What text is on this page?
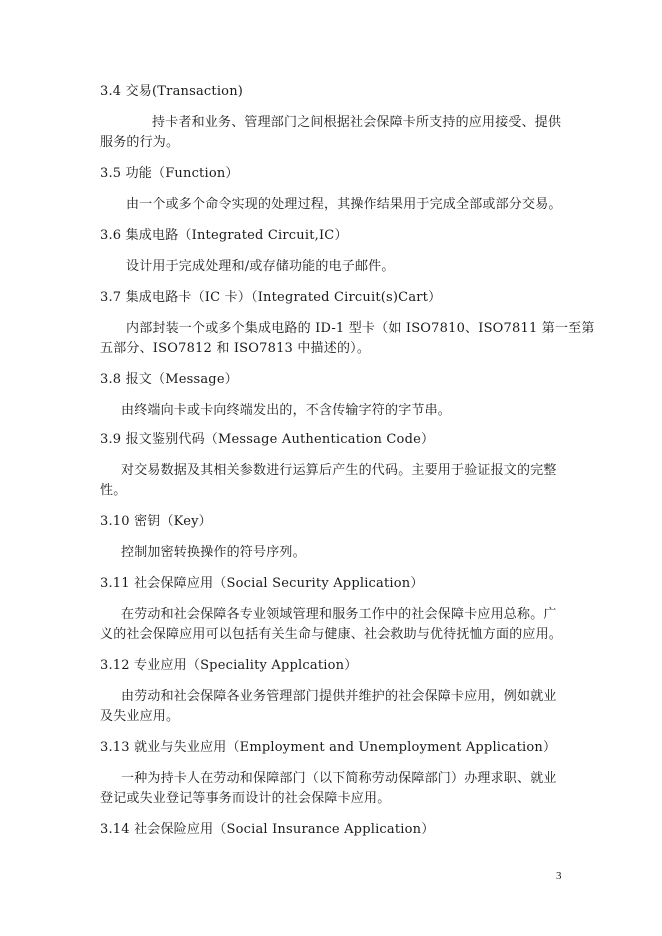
3.4 交易(Transaction)
持卡者和业务、管理部门之间根据社会保障卡所支持的应用接受、提供
服务的行为。
3.5 功能（Function）
由一个或多个命令实现的处理过程，其操作结果用于完成全部或部分交易。
3.6 集成电路（Integrated Circuit,IC）
设计用于完成处理和/或存储功能的电子邮件。
3.7 集成电路卡（IC 卡）（Integrated Circuit(s)Cart）
内部封装一个或多个集成电路的 ID-1 型卡（如 ISO7810、ISO7811 第一至第
五部分、ISO7812 和 ISO7813 中描述的）。
3.8 报文（Message）
由终端向卡或卡向终端发出的，不含传输字符的字节串。
3.9 报文鉴别代码（Message Authentication Code）
对交易数据及其相关参数进行运算后产生的代码。主要用于验证报文的完整
性。
3.10 密钥（Key）
控制加密转换操作的符号序列。
3.11 社会保障应用（Social Security Application）
在劳动和社会保障各专业领域管理和服务工作中的社会保障卡应用总称。广
义的社会保障应用可以包括有关生命与健康、社会救助与优待抚恤方面的应用。
3.12 专业应用（Speciality Applcation）
由劳动和社会保障各业务管理部门提供并维护的社会保障卡应用，例如就业
及失业应用。
3.13 就业与失业应用（Employment and Unemployment Application）
一种为持卡人在劳动和保障部门（以下简称劳动保障部门）办理求职、就业
登记或失业登记等事务而设计的社会保障卡应用。
3.14 社会保险应用（Social Insurance Application）
3
